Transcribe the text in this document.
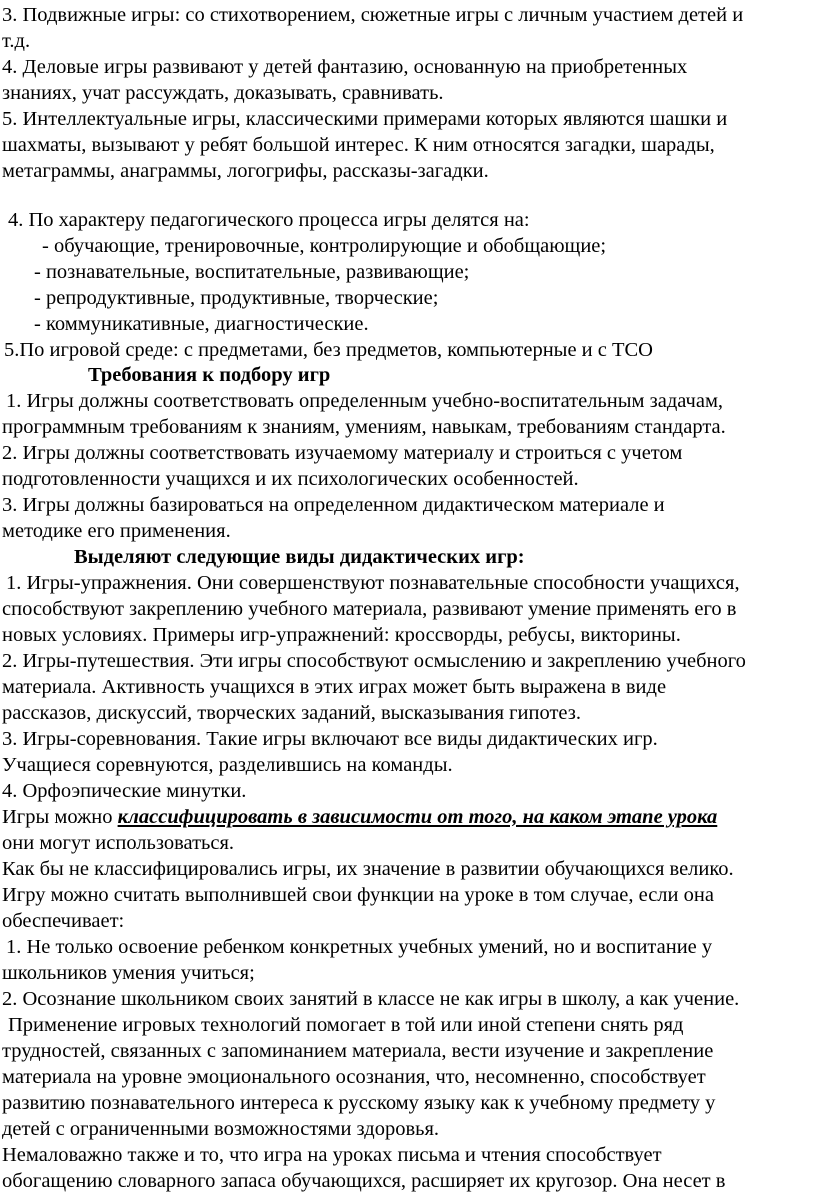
3. Подвижные игры: со стихотворением, сюжетные игры с личным участием детей и

т.д.

4. Деловые игры развивают у детей фантазию, основанную на приобретенных

знаниях, учат рассуждать, доказывать, сравнивать.

5. Интеллектуальные игры, классическими примерами которых являются шашки и

шахматы, вызывают у ребят большой интерес. К ним относятся загадки, шарады,

метаграммы, анаграммы, логогрифы, рассказы-загадки.

4. По характеру педагогического процесса игры делятся на:

- обучающие, тренировочные, контролирующие и обобщающие;

- познавательные, воспитательные, развивающие;

- репродуктивные, продуктивные, творческие;

- коммуникативные, диагностические.

5.По игровой среде: с предметами, без предметов, компьютерные и с ТСО

Требования к подбору игр

1. Игры должны соответствовать определенным учебно-воспитательным задачам,

программным требованиям к знаниям, умениям, навыкам, требованиям стандарта.

2. Игры должны соответствовать изучаемому материалу и строиться с учетом

подготовленности учащихся и их психологических особенностей.

3. Игры должны базироваться на определенном дидактическом материале и

методике его применения.

Выделяют следующие виды дидактических игр:

1. Игры-упражнения. Они совершенствуют познавательные способности учащихся,

способствуют закреплению учебного материала, развивают умение применять его в

новых условиях. Примеры игр-упражнений: кроссворды, ребусы, викторины.

2. Игры-путешествия. Эти игры способствуют осмыслению и закреплению учебного

материала. Активность учащихся в этих играх может быть выражена в виде

рассказов, дискуссий, творческих заданий, высказывания гипотез.

3. Игры-соревнования. Такие игры включают все виды дидактических игр.

Учащиеся соревнуются, разделившись на команды.

4. Орфоэпические минутки.

Игры можно классифицировать в зависимости от того, на каком этапе урока

они могут использоваться.

Как бы не классифицировались игры, их значение в развитии обучающихся велико.

Игру можно считать выполнившей свои функции на уроке в том случае, если она

обеспечивает:

1. Не только освоение ребенком конкретных учебных умений, но и воспитание у

школьников умения учиться;

2. Осознание школьником своих занятий в классе не как игры в школу, а как учение.

Применение игровых технологий помогает в той или иной степени снять ряд

трудностей, связанных с запоминанием материала, вести изучение и закрепление

материала на уровне эмоционального осознания, что, несомненно, способствует

развитию познавательного интереса к русскому языку как к учебному предмету у

детей с ограниченными возможностями здоровья.

Немаловажно также и то, что игра на уроках письма и чтения способствует

обогащению словарного запаса обучающихся, расширяет их кругозор. Она несет в
